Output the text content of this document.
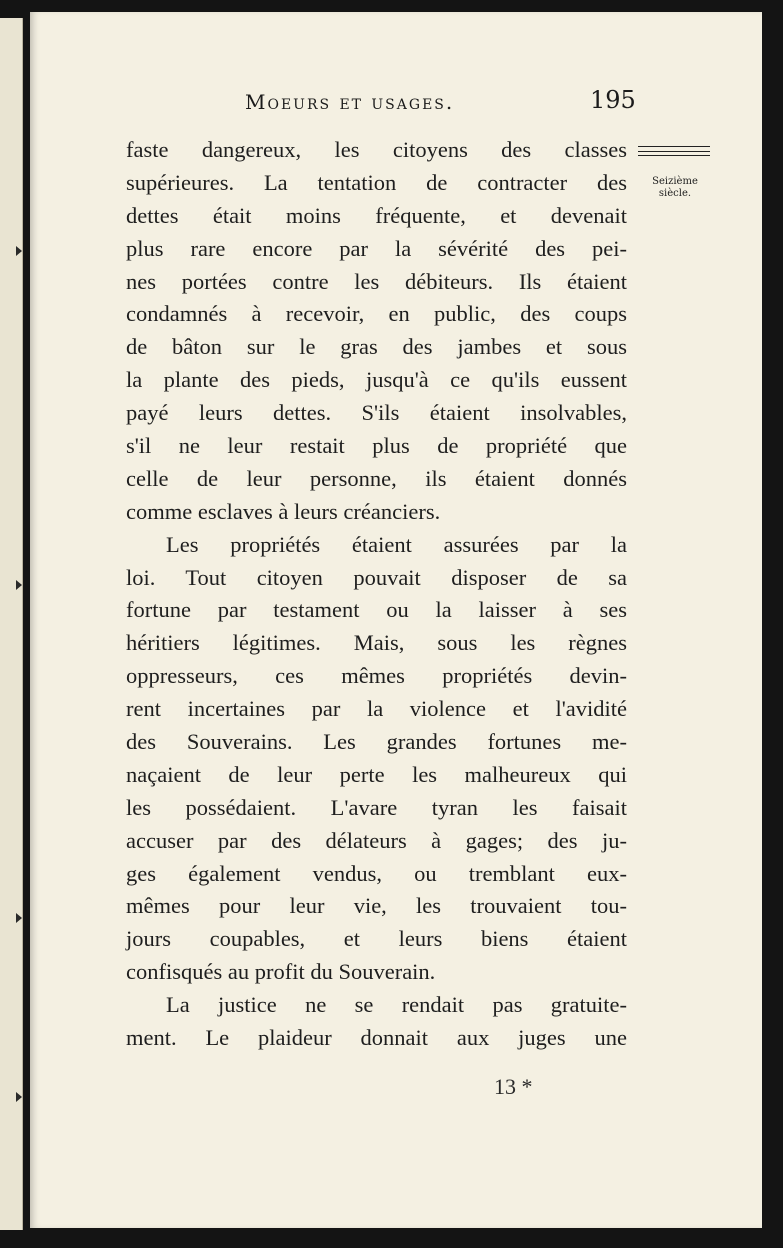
Moeurs et usages.	195
Seizième siècle.
faste dangereux, les citoyens des classes
supérieures. La tentation de contracter des
dettes était moins fréquente, et devenait
plus rare encore par la sévérité des pei-
nes portées contre les débiteurs. Ils étaient
condamnés à recevoir, en public, des coups
de bâton sur le gras des jambes et sous
la plante des pieds, jusqu'à ce qu'ils eussent
payé leurs dettes. S'ils étaient insolvables,
s'il ne leur restait plus de propriété que
celle de leur personne, ils étaient donnés
comme esclaves à leurs créanciers.
Les propriétés étaient assurées par la
loi. Tout citoyen pouvait disposer de sa
fortune par testament ou la laisser à ses
héritiers légitimes. Mais, sous les règnes
oppresseurs, ces mêmes propriétés devin-
rent incertaines par la violence et l'avidité
des Souverains. Les grandes fortunes me-
naçaient de leur perte les malheureux qui
les possédaient. L'avare tyran les faisait
accuser par des délateurs à gages; des ju-
ges également vendus, ou tremblant eux-
mêmes pour leur vie, les trouvaient tou-
jours coupables, et leurs biens étaient
confisqués au profit du Souverain.
La justice ne se rendait pas gratuite-
ment. Le plaideur donnait aux juges une
13 *
